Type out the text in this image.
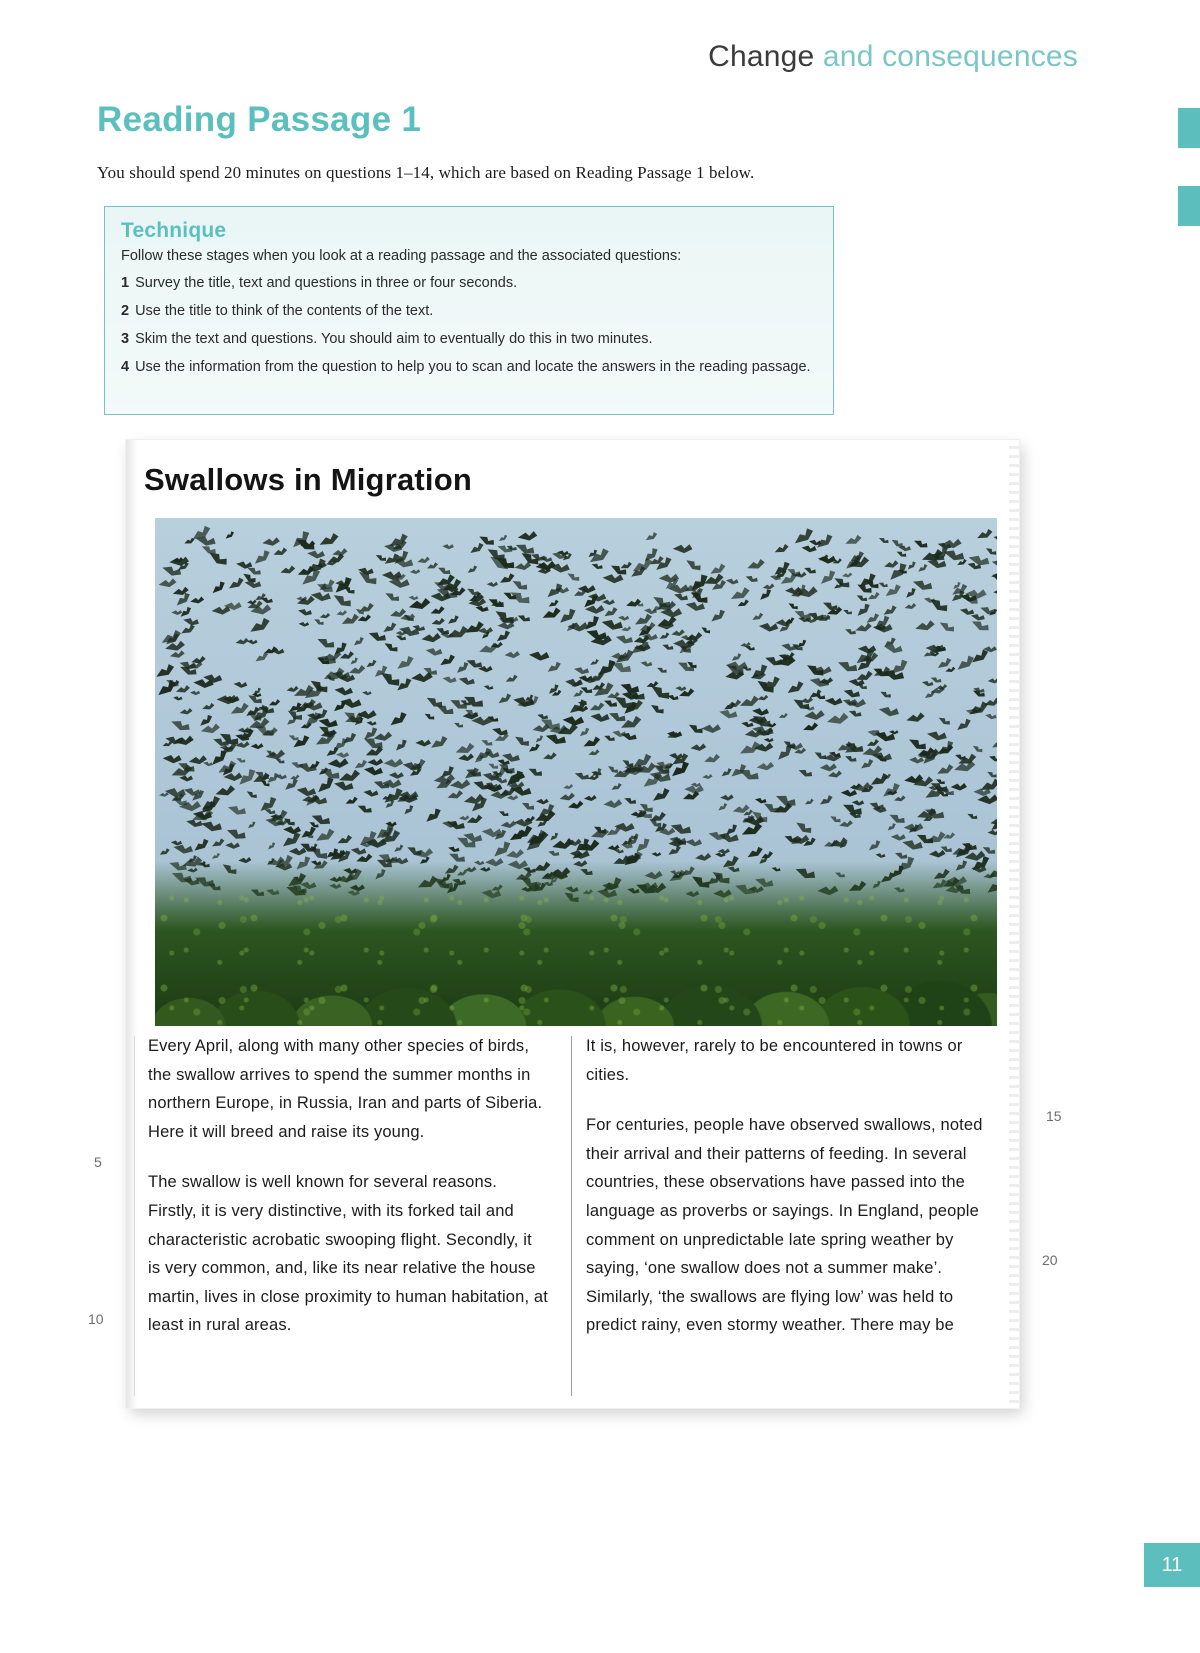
Change and consequences
Reading Passage 1
You should spend 20 minutes on questions 1–14, which are based on Reading Passage 1 below.
Technique
Follow these stages when you look at a reading passage and the associated questions:
1 Survey the title, text and questions in three or four seconds.
2 Use the title to think of the contents of the text.
3 Skim the text and questions. You should aim to eventually do this in two minutes.
4 Use the information from the question to help you to scan and locate the answers in the reading passage.
Swallows in Migration

Every April, along with many other species of birds, the swallow arrives to spend the summer months in northern Europe, in Russia, Iran and parts of Siberia. Here it will breed and raise its young.

The swallow is well known for several reasons. Firstly, it is very distinctive, with its forked tail and characteristic acrobatic swooping flight. Secondly, it is very common, and, like its near relative the house martin, lives in close proximity to human habitation, at least in rural areas.

It is, however, rarely to be encountered in towns or cities.

For centuries, people have observed swallows, noted their arrival and their patterns of feeding. In several countries, these observations have passed into the language as proverbs or sayings. In England, people comment on unpredictable late spring weather by saying, ‘one swallow does not a summer make’. Similarly, ‘the swallows are flying low’ was held to predict rainy, even stormy weather. There may be

5
10
15
20
11
